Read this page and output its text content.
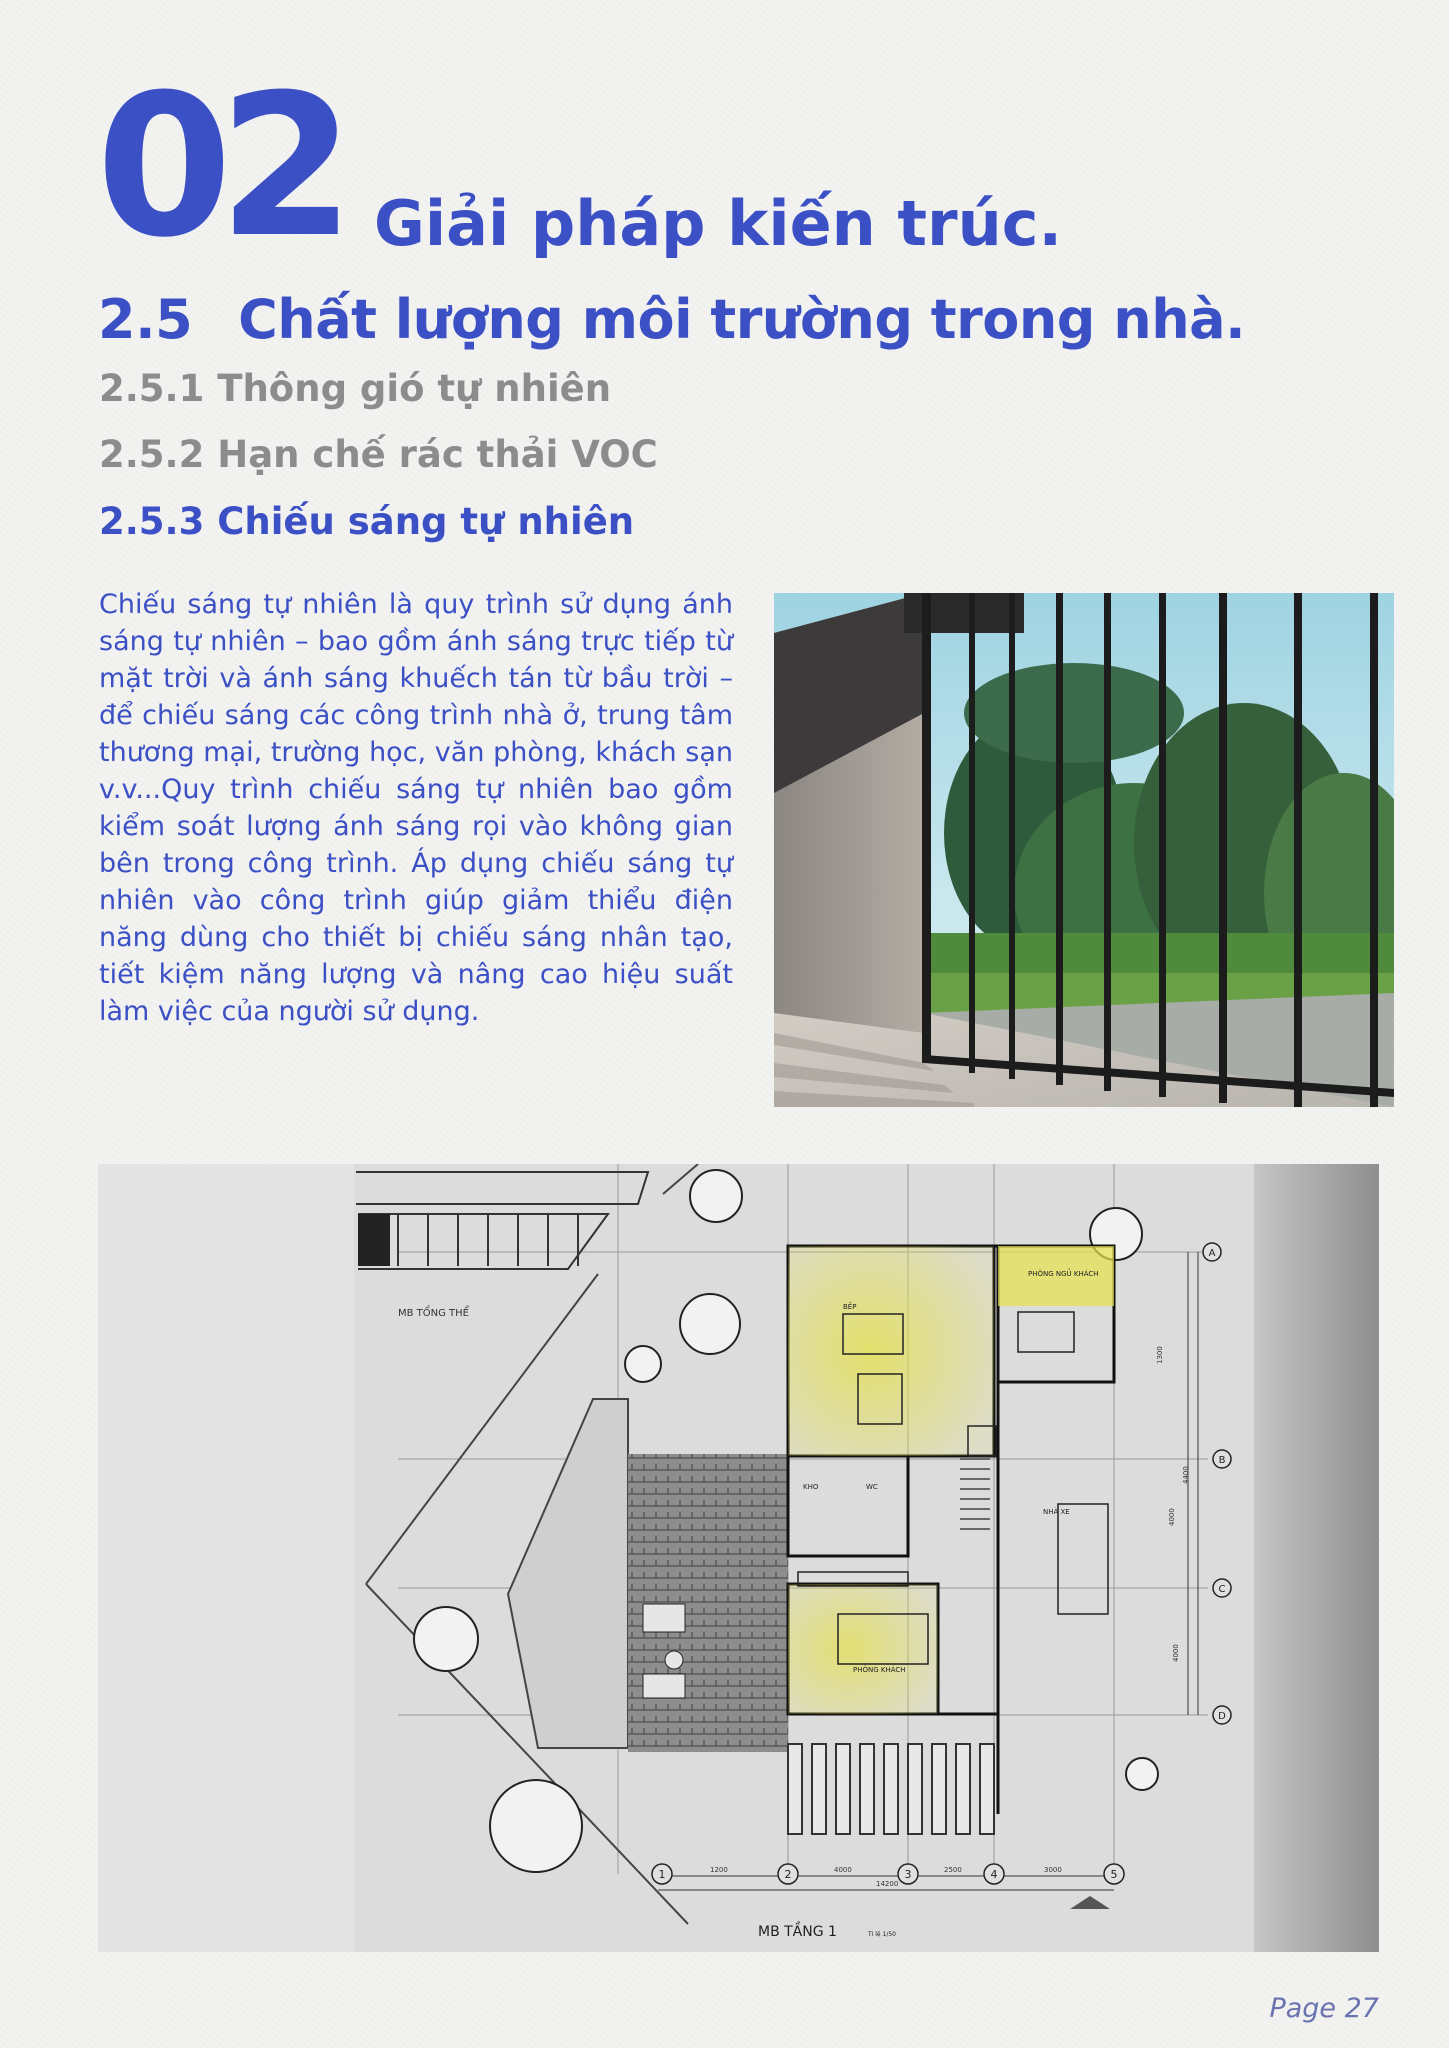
02 Giải pháp kiến trúc.
2.5 Chất lượng môi trường trong nhà.
2.5.1 Thông gió tự nhiên
2.5.2 Hạn chế rác thải VOC
2.5.3 Chiếu sáng tự nhiên

Chiếu sáng tự nhiên là quy trình sử dụng ánh sáng tự nhiên – bao gồm ánh sáng trực tiếp từ mặt trời và ánh sáng khuếch tán từ bầu trời – để chiếu sáng các công trình nhà ở, trung tâm thương mại, trường học, văn phòng, khách sạn v.v...Quy trình chiếu sáng tự nhiên bao gồm kiểm soát lượng ánh sáng rọi vào không gian bên trong công trình. Áp dụng chiếu sáng tự nhiên vào công trình giúp giảm thiểu điện năng dùng cho thiết bị chiếu sáng nhân tạo, tiết kiệm năng lượng và nâng cao hiệu suất làm việc của người sử dụng.

MB TỔNG THỂ
BẾP
PHÒNG NGỦ KHÁCH
KHO	WC
NHÀ XE
PHÒNG KHÁCH
1200	4000	2500	3000
14200
1300
4400
4000
4000
A
B
C
D
1	2	3	4	5
MB TẦNG 1	Tỉ lệ 1/50
Page 27
